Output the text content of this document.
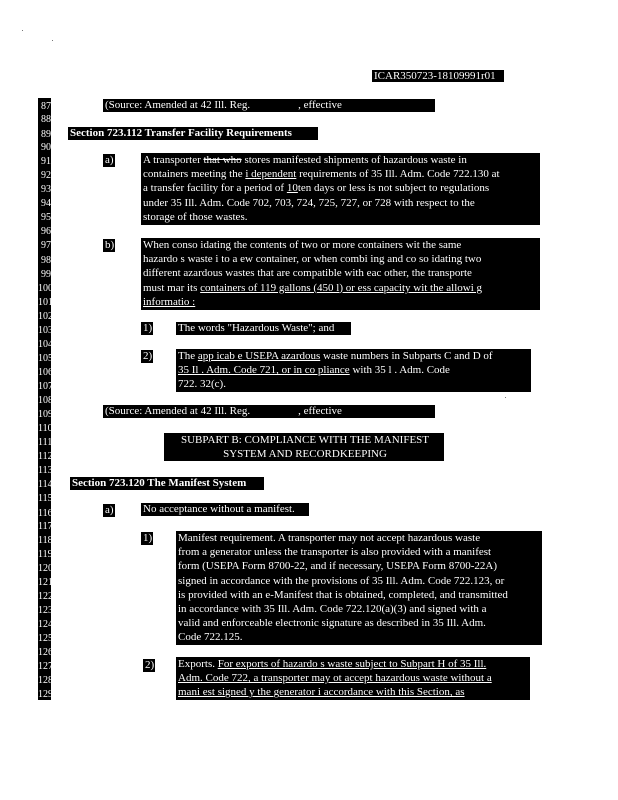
ICAR350723-18109991r01
87
88
89
90
91
92
93
94
95
96
97
98
99
100
101
102
103
104
105
106
107
108
109
110
111
112
113
114
115
116
117
118
119
120
121
122
123
124
125
126
127
128
129
(Source: Amended at 42 Ill. Reg.	, effective	)
Section 723.112 Transfer Facility Requirements
a)	A transporter that who stores manifested shipments of hazardous waste in
containers meeting the i dependent requirements of 35 Ill. Adm. Code 722.130 at
a transfer facility for a period of 10ten days or less is not subject to regulations
under 35 Ill. Adm. Code 702, 703, 724, 725, 727, or 728 with respect to the
storage of those wastes.
b)	When conso idating the contents of two or more containers wit the same
hazardo s waste i to a ew container, or when combi ing and co so idating two
different azardous wastes that are compatible with eac other, the transporte
must mar its containers of 119 gallons (450 l) or ess capacity wit the allowi g
informatio :
1) The words "Hazardous Waste"; and
2) The app icab e USEPA azardous waste numbers in Subparts C and D of
35 Il . Adm. Code 721, or in co pliance with 35 l . Adm. Code
722. 32(c).
(Source: Amended at 42 Ill. Reg.	, effective	)
SUBPART B: COMPLIANCE WITH THE MANIFEST
SYSTEM AND RECORDKEEPING
Section 723.120 The Manifest System
a)	No acceptance without a manifest.
1) Manifest requirement. A transporter may not accept hazardous waste
from a generator unless the transporter is also provided with a manifest
form (USEPA Form 8700-22, and if necessary, USEPA Form 8700-22A)
signed in accordance with the provisions of 35 Ill. Adm. Code 722.123, or
is provided with an e-Manifest that is obtained, completed, and transmitted
in accordance with 35 Ill. Adm. Code 722.120(a)(3) and signed with a
valid and enforceable electronic signature as described in 35 Ill. Adm.
Code 722.125.
2) Exports. For exports of hazardo s waste subject to Subpart H of 35 Ill.
Adm. Code 722, a transporter may ot accept hazardous waste without a
mani est signed y the generator i accordance with this Section, as
